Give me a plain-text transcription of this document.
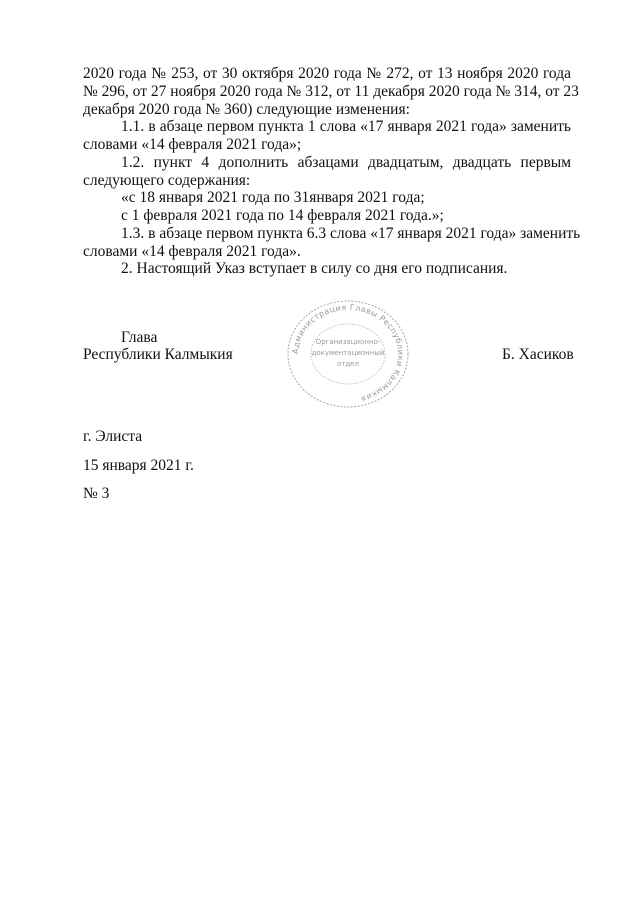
2020 года № 253, от 30 октября 2020 года № 272, от 13 ноября 2020 года
№ 296, от 27 ноября 2020 года № 312, от 11 декабря 2020 года № 314, от 23
декабря 2020 года № 360) следующие изменения:
1.1. в абзаце первом пункта 1 слова «17 января 2021 года» заменить
словами «14 февраля 2021 года»;
1.2. пункт 4 дополнить абзацами двадцатым, двадцать первым
следующего содержания:
«с 18 января 2021 года по 31января 2021 года;
с 1 февраля 2021 года по 14 февраля 2021 года.»;
1.3. в абзаце первом пункта 6.3 слова «17 января 2021 года» заменить
словами «14 февраля 2021 года».
2. Настоящий Указ вступает в силу со дня его подписания.
Глава
Республики Калмыкия	Б. Хасиков
Администрация Главы Республики Калмыкия
Организационно-
документационный
отдел
г. Элиста
15 января 2021 г.
№ 3
